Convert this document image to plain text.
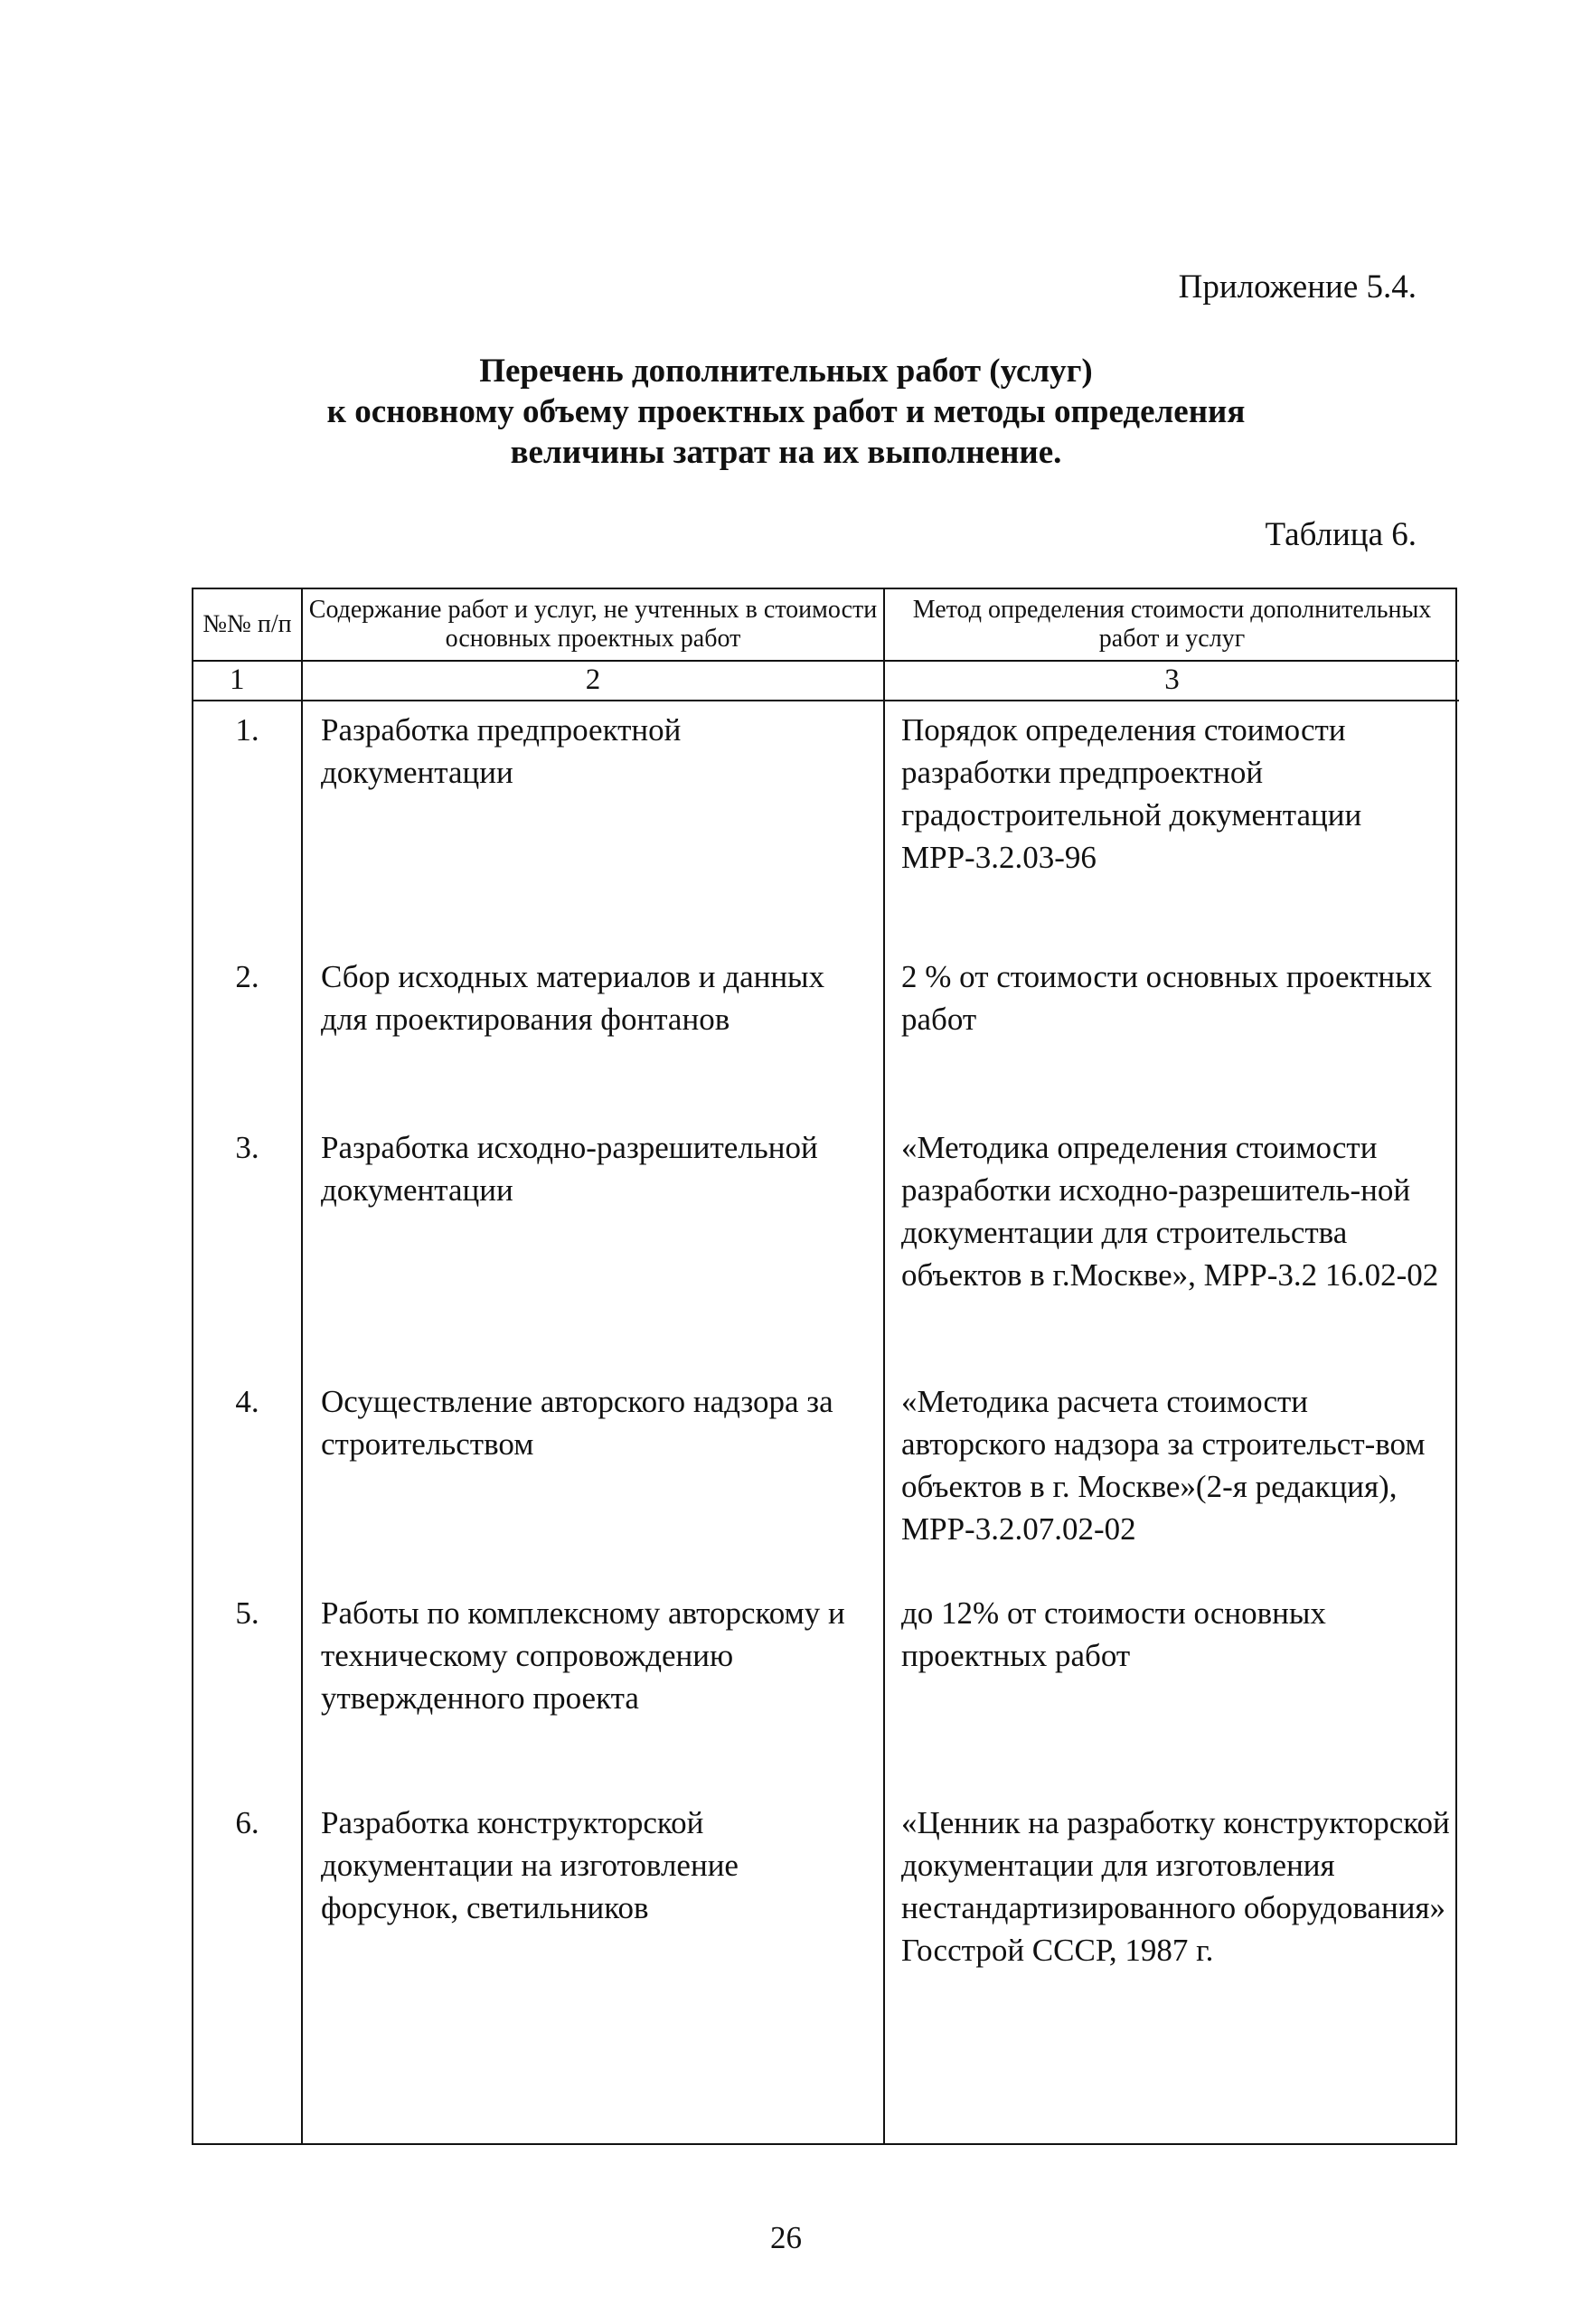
Приложение 5.4.

Перечень дополнительных работ (услуг)
к основному объему проектных работ и методы определения
величины затрат на их выполнение.

Таблица 6.

№№ п/п	Содержание работ и услуг, не учтенных в стоимости основных проектных работ	Метод определения стоимости дополнительных работ и услуг
1	2	3
1.	Разработка предпроектной документации	Порядок определения стоимости разработки предпроектной градостроительной документации МРР-3.2.03-96
2.	Сбор исходных материалов и данных для проектирования фонтанов	2 % от стоимости основных проектных работ
3.	Разработка исходно-разрешительной документации	«Методика определения стоимости разработки исходно-разрешитель-ной документации для строительства объектов в г.Москве», МРР-3.2 16.02-02
4.	Осуществление авторского надзора за строительством	«Методика расчета стоимости авторского надзора за строительст-вом объектов в г. Москве»(2-я редакция), МРР-3.2.07.02-02
5.	Работы по комплексному авторскому и техническому сопровождению утвержденного проекта	до 12% от стоимости основных проектных работ
6.	Разработка конструкторской документации на изготовление форсунок, светильников	«Ценник на разработку конструкторской документации для изготовления нестандартизированного оборудования» Госстрой СССР, 1987 г.

26
